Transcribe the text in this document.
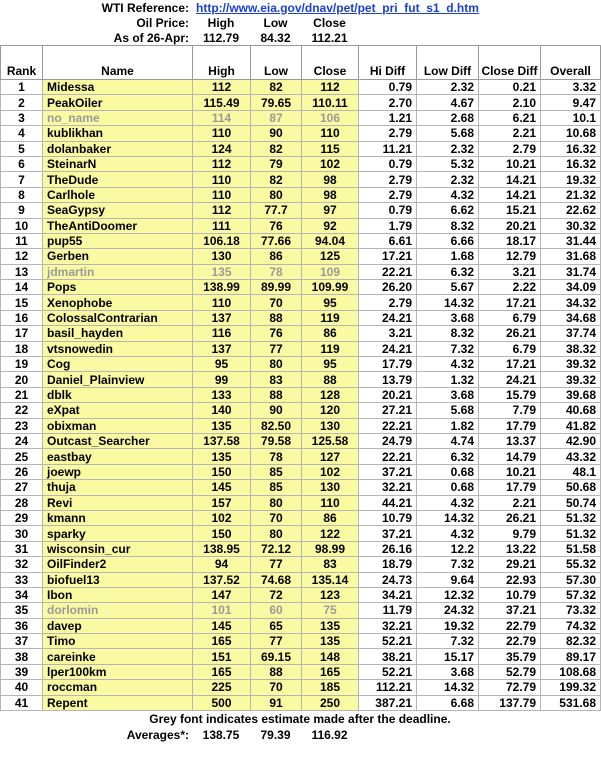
	WTI Reference:	http://www.eia.gov/dnav/pet/pet_pri_fut_s1_d.htm						
	Oil Price:	High	Low	Close				
	As of 26-Apr:	112.79	84.32	112.21				
Rank	Name	High	Low	Close	Hi Diff	Low Diff	Close Diff	Overall
1	Midessa	112	82	112	0.79	2.32	0.21	3.32
2	PeakOiler	115.49	79.65	110.11	2.70	4.67	2.10	9.47
3	no_name	114	87	106	1.21	2.68	6.21	10.1
4	kublikhan	110	90	110	2.79	5.68	2.21	10.68
5	dolanbaker	124	82	115	11.21	2.32	2.79	16.32
6	SteinarN	112	79	102	0.79	5.32	10.21	16.32
7	TheDude	110	82	98	2.79	2.32	14.21	19.32
8	Carlhole	110	80	98	2.79	4.32	14.21	21.32
9	SeaGypsy	112	77.7	97	0.79	6.62	15.21	22.62
10	TheAntiDoomer	111	76	92	1.79	8.32	20.21	30.32
11	pup55	106.18	77.66	94.04	6.61	6.66	18.17	31.44
12	Gerben	130	86	125	17.21	1.68	12.79	31.68
13	jdmartin	135	78	109	22.21	6.32	3.21	31.74
14	Pops	138.99	89.99	109.99	26.20	5.67	2.22	34.09
15	Xenophobe	110	70	95	2.79	14.32	17.21	34.32
16	ColossalContrarian	137	88	119	24.21	3.68	6.79	34.68
17	basil_hayden	116	76	86	3.21	8.32	26.21	37.74
18	vtsnowedin	137	77	119	24.21	7.32	6.79	38.32
19	Cog	95	80	95	17.79	4.32	17.21	39.32
20	Daniel_Plainview	99	83	88	13.79	1.32	24.21	39.32
21	dblk	133	88	128	20.21	3.68	15.79	39.68
22	eXpat	140	90	120	27.21	5.68	7.79	40.68
23	obixman	135	82.50	130	22.21	1.82	17.79	41.82
24	Outcast_Searcher	137.58	79.58	125.58	24.79	4.74	13.37	42.90
25	eastbay	135	78	127	22.21	6.32	14.79	43.32
26	joewp	150	85	102	37.21	0.68	10.21	48.1
27	thuja	145	85	130	32.21	0.68	17.79	50.68
28	Revi	157	80	110	44.21	4.32	2.21	50.74
29	kmann	102	70	86	10.79	14.32	26.21	51.32
30	sparky	150	80	122	37.21	4.32	9.79	51.32
31	wisconsin_cur	138.95	72.12	98.99	26.16	12.2	13.22	51.58
32	OilFinder2	94	77	83	18.79	7.32	29.21	55.32
33	biofuel13	137.52	74.68	135.14	24.73	9.64	22.93	57.30
34	Ibon	147	72	123	34.21	12.32	10.79	57.32
35	dorlomin	101	60	75	11.79	24.32	37.21	73.32
36	davep	145	65	135	32.21	19.32	22.79	74.32
37	Timo	165	77	135	52.21	7.32	22.79	82.32
38	careinke	151	69.15	148	38.21	15.17	35.79	89.17
39	lper100km	165	88	165	52.21	3.68	52.79	108.68
40	roccman	225	70	185	112.21	14.32	72.79	199.32
41	Repent	500	91	250	387.21	6.68	137.79	531.68
Grey font indicates estimate made after the deadline.
	Averages*:	138.75	79.39	116.92				
